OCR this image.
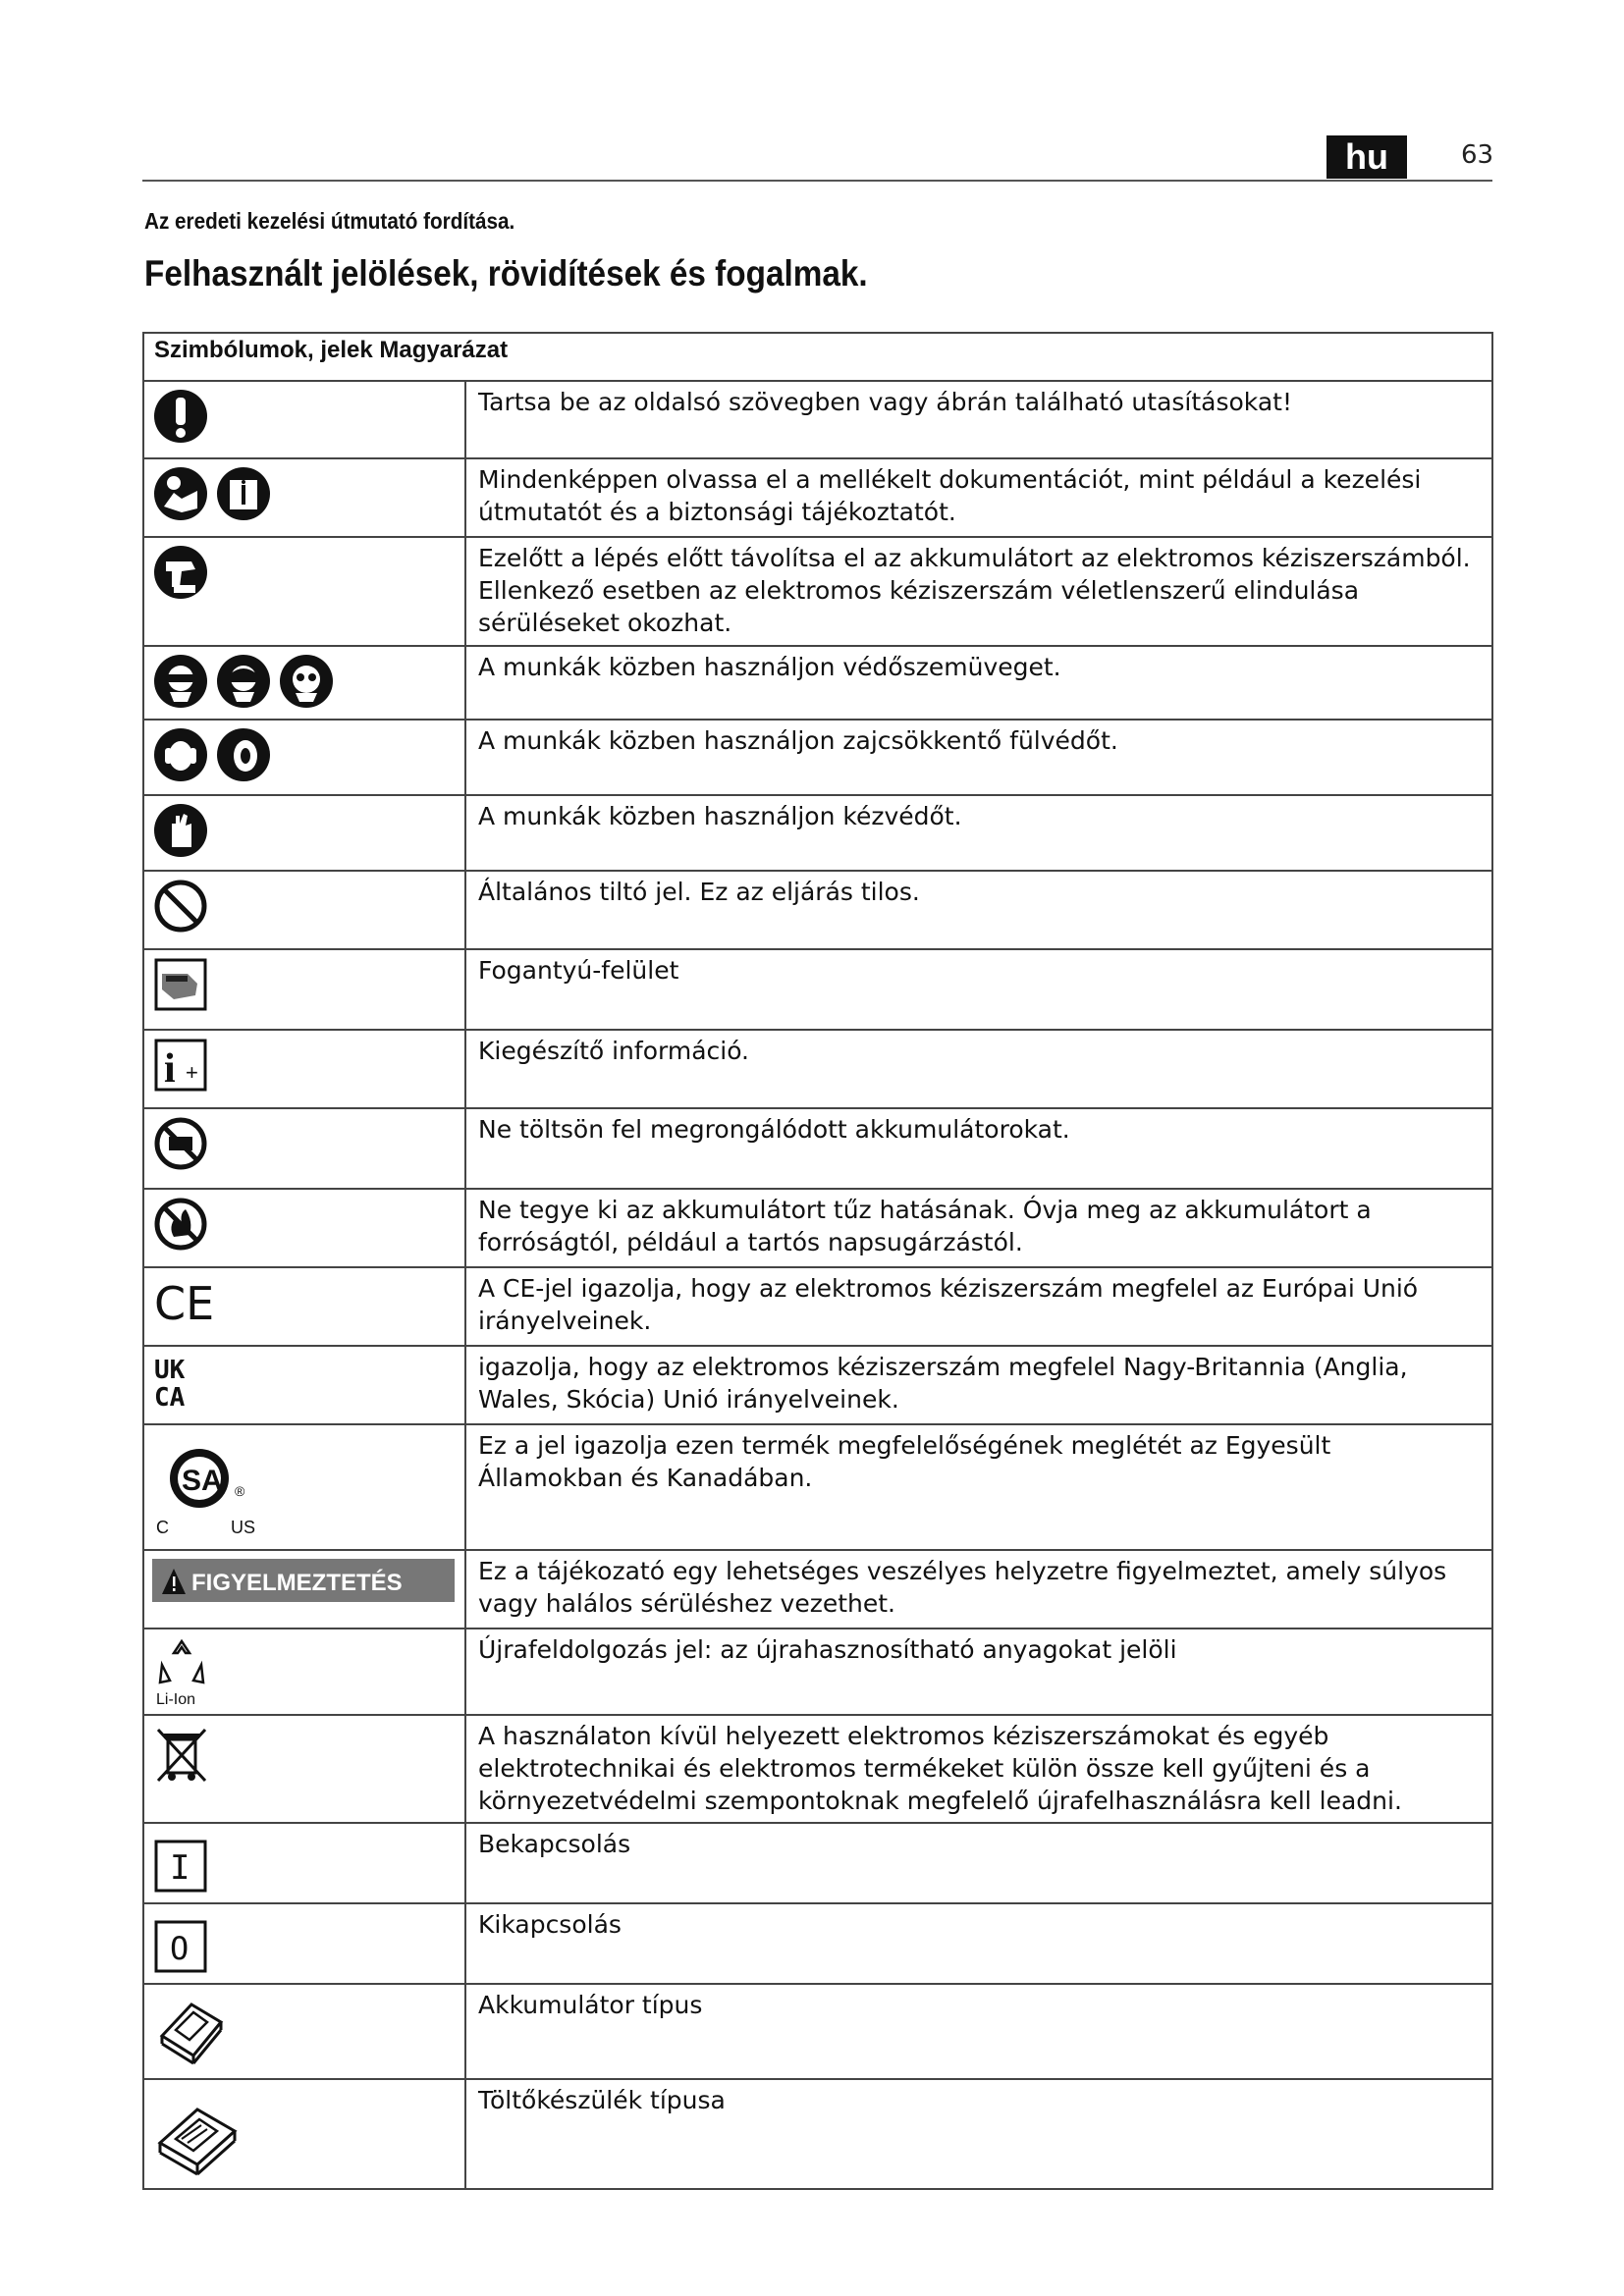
hu	63
Az eredeti kezelési útmutató fordítása.
Felhasznált jelölések, rövidítések és fogalmak.
Szimbólumok, jelek Magyarázat	

	Tartsa be az oldalsó szövegben vagy ábrán található utasításokat!

	Mindenképpen olvassa el a mellékelt dokumentációt, mint például a kezelési útmutatót és a biztonsági tájékoztatót.

	Ezelőtt a lépés előtt távolítsa el az akkumulátort az elektromos kéziszerszámból. Ellenkező esetben az elektromos kéziszerszám véletlenszerű elindulása sérüléseket okozhat.

	A munkák közben használjon védőszemüveget.

	A munkák közben használjon zajcsökkentő fülvédőt.

	A munkák közben használjon kézvédőt.

	Általános tiltó jel. Ez az eljárás tilos.

	Fogantyú-felület

i +	Kiegészítő információ.

	Ne töltsön fel megrongálódott akkumulátorokat.

	Ne tegye ki az akkumulátort tűz hatásának. Óvja meg az akkumulátort a forróságtól, például a tartós napsugárzástól.

CE	A CE-jel igazolja, hogy az elektromos kéziszerszám megfelel az Európai Unió irányelveinek.

UK
CA	igazolja, hogy az elektromos kéziszerszám megfelel Nagy-Britannia (Anglia, Wales, Skócia) Unió irányelveinek.

SA ®
C US	Ez a jel igazolja ezen termék megfelelőségének meglétét az Egyesült Államokban és Kanadában.

FIGYELMEZTETÉS	Ez a tájékozató egy lehetséges veszélyes helyzetre figyelmeztet, amely súlyos vagy halálos sérüléshez vezethet.

Li-Ion	Újrafeldolgozás jel: az újrahasznosítható anyagokat jelöli

	A használaton kívül helyezett elektromos kéziszerszámokat és egyéb elektrotechnikai és elektromos termékeket külön össze kell gyűjteni és a környezetvédelmi szempontoknak megfelelő újrafelhasználásra kell leadni.

I	Bekapcsolás

O	Kikapcsolás

	Akkumulátor típus

	Töltőkészülék típusa
